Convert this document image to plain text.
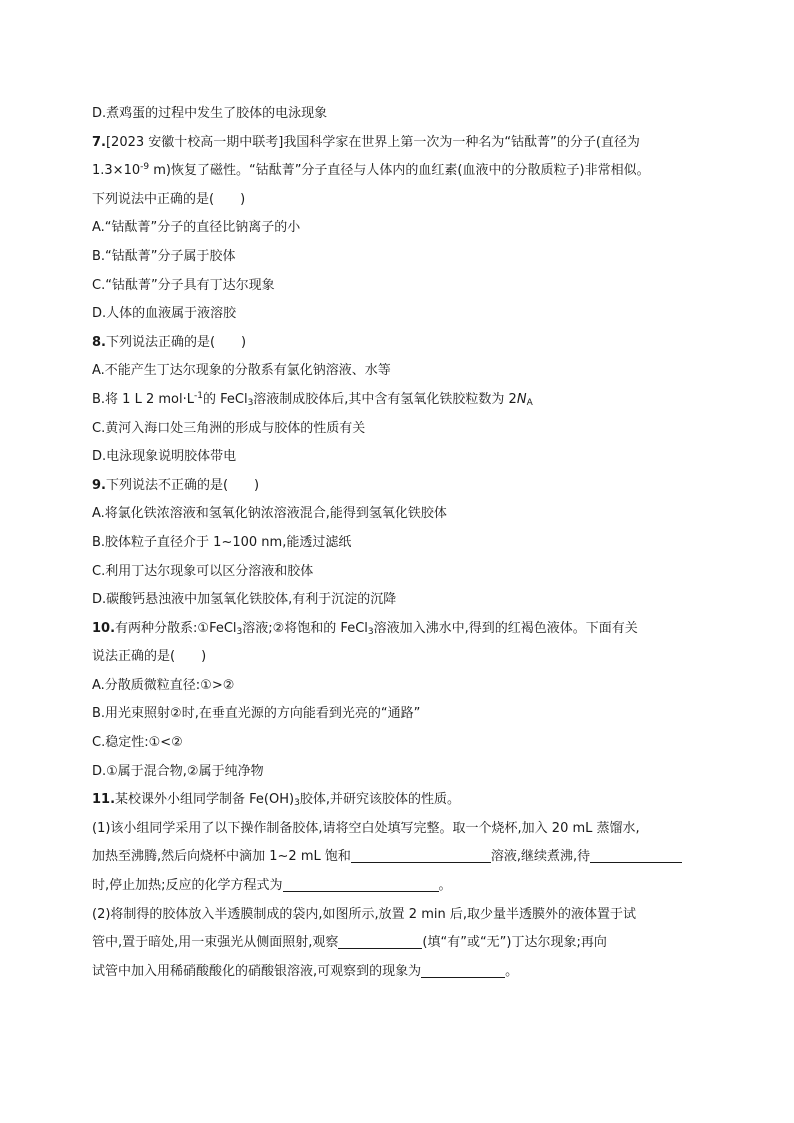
D.煮鸡蛋的过程中发生了胶体的电泳现象
7.[2023 安徽十校高一期中联考]我国科学家在世界上第一次为一种名为“钴酞菁”的分子(直径为
$1.3\times 10^{-9}$ m)恢复了磁性。“钴酞菁”分子直径与人体内的血红素(血液中的分散质粒子)非常相似。
下列说法中正确的是(　　)
A.“钴酞菁”分子的直径比钠离子的小
B.“钴酞菁”分子属于胶体
C.“钴酞菁”分子具有丁达尔现象
D.人体的血液属于液溶胶
8.下列说法正确的是(　　)
A.不能产生丁达尔现象的分散系有氯化钠溶液、水等
B.将 1 L 2 $mol\cdot L^{-1}$的 FeCl$_3$溶液制成胶体后,其中含有氢氧化铁胶粒数为 $2N_A$
C.黄河入海口处三角洲的形成与胶体的性质有关
D.电泳现象说明胶体带电
9.下列说法不正确的是(　　)
A.将氯化铁浓溶液和氢氧化钠浓溶液混合,能得到氢氧化铁胶体
B.胶体粒子直径介于 1~100 nm,能透过滤纸
C.利用丁达尔现象可以区分溶液和胶体
D.碳酸钙悬浊液中加氢氧化铁胶体,有利于沉淀的沉降
10.有两种分散系:①FeCl$_3$溶液;②将饱和的 FeCl$_3$溶液加入沸水中,得到的红褐色液体。下面有关
说法正确的是(　　)
A.分散质微粒直径:①>②
B.用光束照射②时,在垂直光源的方向能看到光亮的“通路”
C.稳定性:①<②
D.①属于混合物,②属于纯净物
11.某校课外小组同学制备 $Fe(OH)_3$胶体,并研究该胶体的性质。
(1)该小组同学采用了以下操作制备胶体,请将空白处填写完整。取一个烧杯,加入 20 mL 蒸馏水,
加热至沸腾,然后向烧杯中滴加 1~2 mL 饱和	溶液,继续煮沸,待
时,停止加热;反应的化学方程式为	。
(2)将制得的胶体放入半透膜制成的袋内,如图所示,放置 2 min 后,取少量半透膜外的液体置于试
管中,置于暗处,用一束强光从侧面照射,观察	(填“有”或“无”)丁达尔现象;再向
试管中加入用稀硝酸酸化的硝酸银溶液,可观察到的现象为	。
